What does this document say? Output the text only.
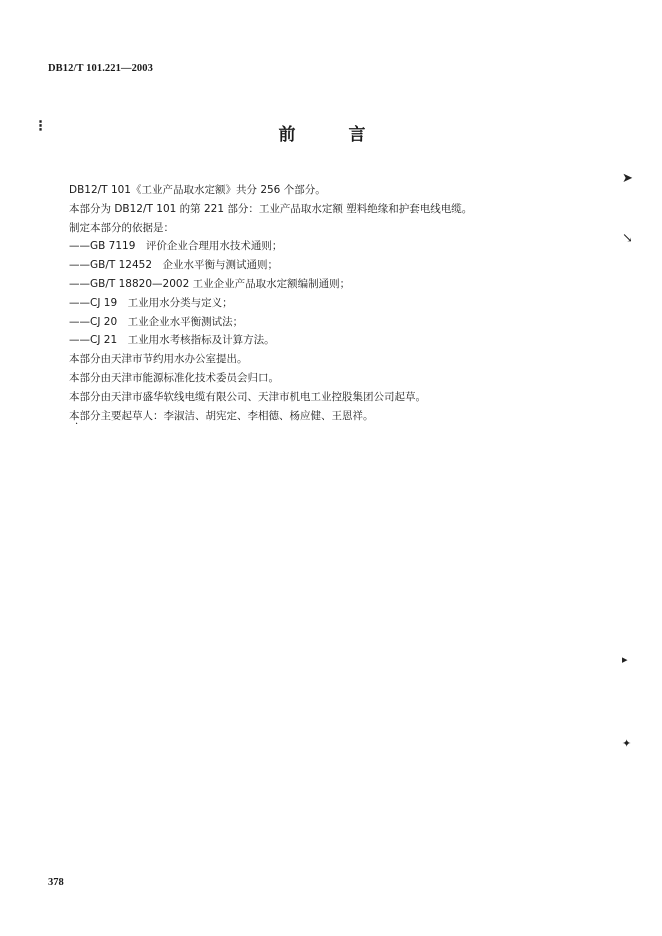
DB12/T 101.221—2003
前　言
DB12/T 101《工业产品取水定额》共分 256 个部分。
本部分为 DB12/T 101 的第 221 部分：工业产品取水定额 塑料绝缘和护套电线电缆。
制定本部分的依据是：
——GB 7119　评价企业合理用水技术通则；
——GB/T 12452　企业水平衡与测试通则；
——GB/T 18820—2002 工业企业产品取水定额编制通则；
——CJ 19　工业用水分类与定义；
——CJ 20　工业企业水平衡测试法；
——CJ 21　工业用水考核指标及计算方法。
本部分由天津市节约用水办公室提出。
本部分由天津市能源标准化技术委员会归口。
本部分由天津市盛华软线电缆有限公司、天津市机电工业控股集团公司起草。
本部分主要起草人：李淑洁、胡宪定、李相德、杨应健、王恩祥。
·
378
⁝
➤
↘
▸
✦
